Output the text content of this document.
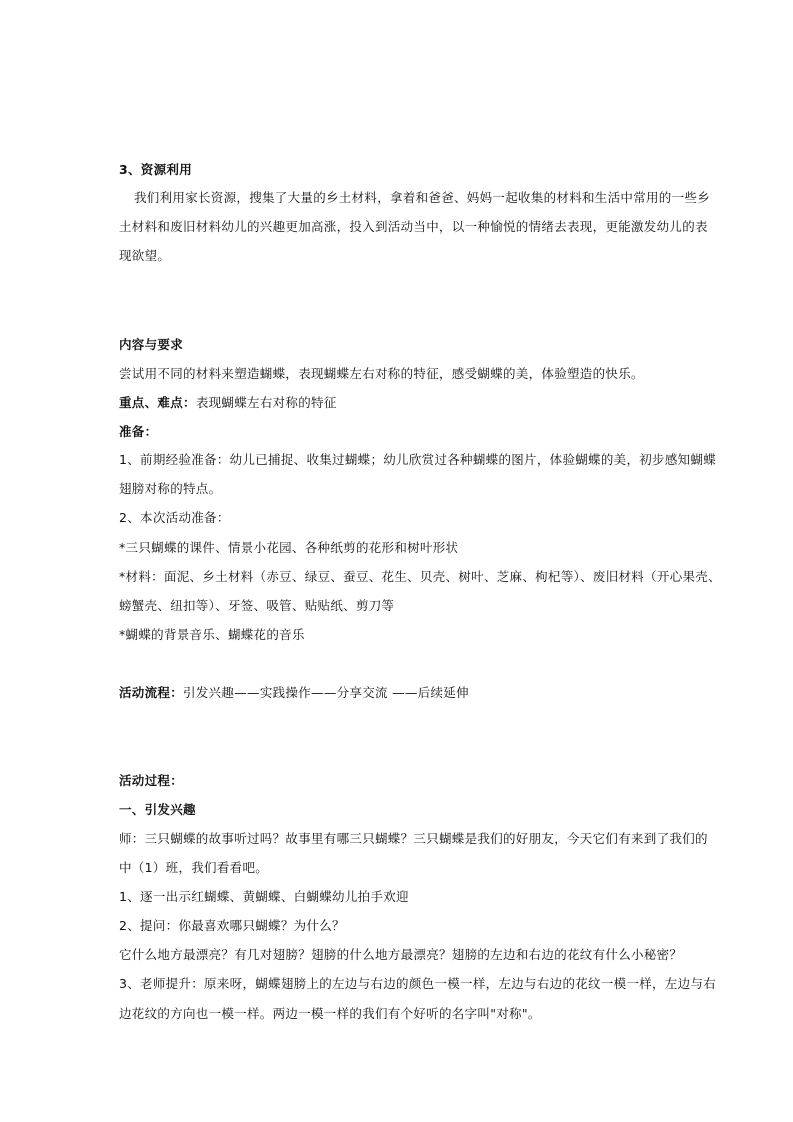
3、资源利用
我们利用家长资源，搜集了大量的乡土材料，拿着和爸爸、妈妈一起收集的材料和生活中常用的一些乡
土材料和废旧材料幼儿的兴趣更加高涨，投入到活动当中，以一种愉悦的情绪去表现，更能激发幼儿的表
现欲望。
内容与要求
尝试用不同的材料来塑造蝴蝶，表现蝴蝶左右对称的特征，感受蝴蝶的美，体验塑造的快乐。
重点、难点：表现蝴蝶左右对称的特征
准备：
1、前期经验准备：幼儿已捕捉、收集过蝴蝶；幼儿欣赏过各种蝴蝶的图片，体验蝴蝶的美，初步感知蝴蝶
翅膀对称的特点。
2、本次活动准备：
*三只蝴蝶的课件、情景小花园、各种纸剪的花形和树叶形状
*材料：面泥、乡土材料（赤豆、绿豆、蚕豆、花生、贝壳、树叶、芝麻、枸杞等）、废旧材料（开心果壳、
螃蟹壳、纽扣等）、牙签、吸管、贴贴纸、剪刀等
*蝴蝶的背景音乐、蝴蝶花的音乐
活动流程：引发兴趣——实践操作——分享交流 ——后续延伸
活动过程：
一、引发兴趣
师：三只蝴蝶的故事听过吗？故事里有哪三只蝴蝶？三只蝴蝶是我们的好朋友，今天它们有来到了我们的
中（1）班，我们看看吧。
1、逐一出示红蝴蝶、黄蝴蝶、白蝴蝶幼儿拍手欢迎
2、提问：你最喜欢哪只蝴蝶？为什么？
它什么地方最漂亮？有几对翅膀？翅膀的什么地方最漂亮？翅膀的左边和右边的花纹有什么小秘密？
3、老师提升：原来呀，蝴蝶翅膀上的左边与右边的颜色一模一样，左边与右边的花纹一模一样，左边与右
边花纹的方向也一模一样。两边一模一样的我们有个好听的名字叫"对称"。
